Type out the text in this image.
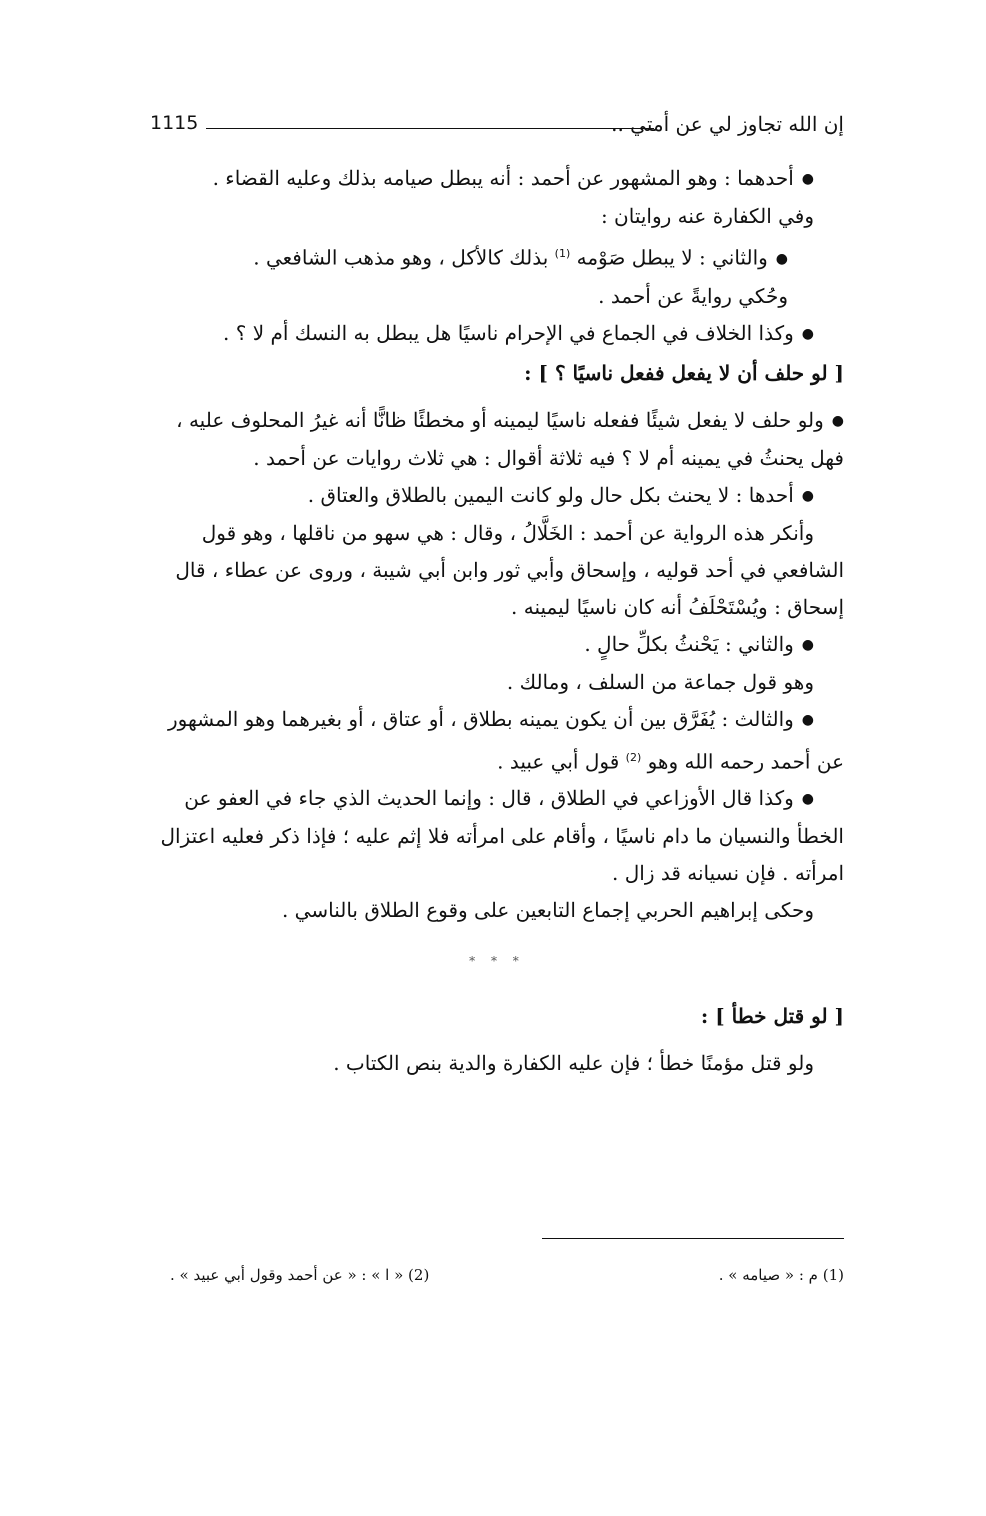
إن الله تجاوز لي عن أمتي ..
1115
●أحدهما : وهو المشهور عن أحمد : أنه يبطل صيامه بذلك وعليه القضاء .
وفي الكفارة عنه روايتان :
●والثاني : لا يبطل صَوْمه $^{(1)}$ بذلك كالأكل ، وهو مذهب الشافعي .
وحُكي روايةً عن أحمد .
●وكذا الخلاف في الجماع في الإحرام ناسيًا هل يبطل به النسك أم لا ؟ .
[ لو حلف أن لا يفعل ففعل ناسيًا ؟ ] :
●ولو حلف لا يفعل شيئًا ففعله ناسيًا ليمينه أو مخطئًا ظانًّا أنه غيرُ المحلوف عليه ،
فهل يحنثُ في يمينه أم لا ؟ فيه ثلاثة أقوال : هي ثلاث روايات عن أحمد .
●أحدها : لا يحنث بكل حال ولو كانت اليمين بالطلاق والعتاق .
وأنكر هذه الرواية عن أحمد : الخَلَّالُ ، وقال : هي سهو من ناقلها ، وهو قول
الشافعي في أحد قوليه ، وإسحاق وأبي ثور وابن أبي شيبة ، وروى عن عطاء ، قال
إسحاق : ويُسْتَحْلَفُ أنه كان ناسيًا ليمينه .
●والثاني : يَحْنثُ بكلِّ حالٍ .
وهو قول جماعة من السلف ، ومالك .
●والثالث : يُفَرَّق بين أن يكون يمينه بطلاق ، أو عتاق ، أو بغيرهما وهو المشهور
عن أحمد رحمه الله وهو $^{(2)}$ قول أبي عبيد .
●وكذا قال الأوزاعي في الطلاق ، قال : وإنما الحديث الذي جاء في العفو عن
الخطأ والنسيان ما دام ناسيًا ، وأقام على امرأته فلا إثم عليه ؛ فإذا ذكر فعليه اعتزال
امرأته . فإن نسيانه قد زال .
وحكى إبراهيم الحربي إجماع التابعين على وقوع الطلاق بالناسي .
* * *
[ لو قتل خطأ ] :
ولو قتل مؤمنًا خطأ ؛ فإن عليه الكفارة والدية بنص الكتاب .
(1) م : « صيامه » .
(2) « ا » : « عن أحمد وقول أبي عبيد » .
